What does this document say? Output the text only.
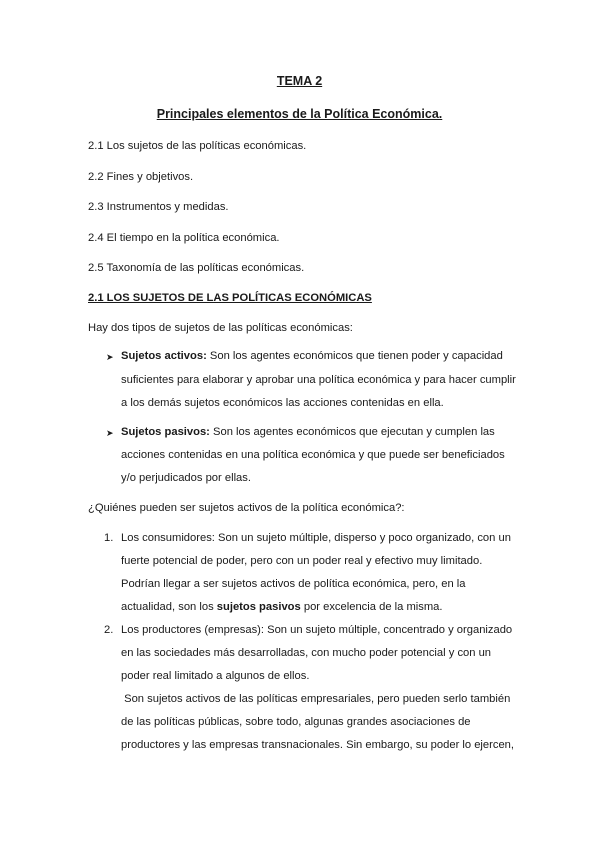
TEMA 2
Principales elementos de la Política Económica.
2.1 Los sujetos de las políticas económicas.
2.2 Fines y objetivos.
2.3 Instrumentos y medidas.
2.4 El tiempo en la política económica.
2.5 Taxonomía de las políticas económicas.
2.1 LOS SUJETOS DE LAS POLÍTICAS ECONÓMICAS
Hay dos tipos de sujetos de las políticas económicas:
➤ Sujetos activos: Son los agentes económicos que tienen poder y capacidad
suficientes para elaborar y aprobar una política económica y para hacer cumplir
a los demás sujetos económicos las acciones contenidas en ella.
➤ Sujetos pasivos: Son los agentes económicos que ejecutan y cumplen las
acciones contenidas en una política económica y que puede ser beneficiados
y/o perjudicados por ellas.
¿Quiénes pueden ser sujetos activos de la política económica?:
1. Los consumidores: Son un sujeto múltiple, disperso y poco organizado, con un
fuerte potencial de poder, pero con un poder real y efectivo muy limitado.
Podrían llegar a ser sujetos activos de política económica, pero, en la
actualidad, son los sujetos pasivos por excelencia de la misma.
2. Los productores (empresas): Son un sujeto múltiple, concentrado y organizado
en las sociedades más desarrolladas, con mucho poder potencial y con un
poder real limitado a algunos de ellos.
Son sujetos activos de las políticas empresariales, pero pueden serlo también
de las políticas públicas, sobre todo, algunas grandes asociaciones de
productores y las empresas transnacionales. Sin embargo, su poder lo ejercen,
